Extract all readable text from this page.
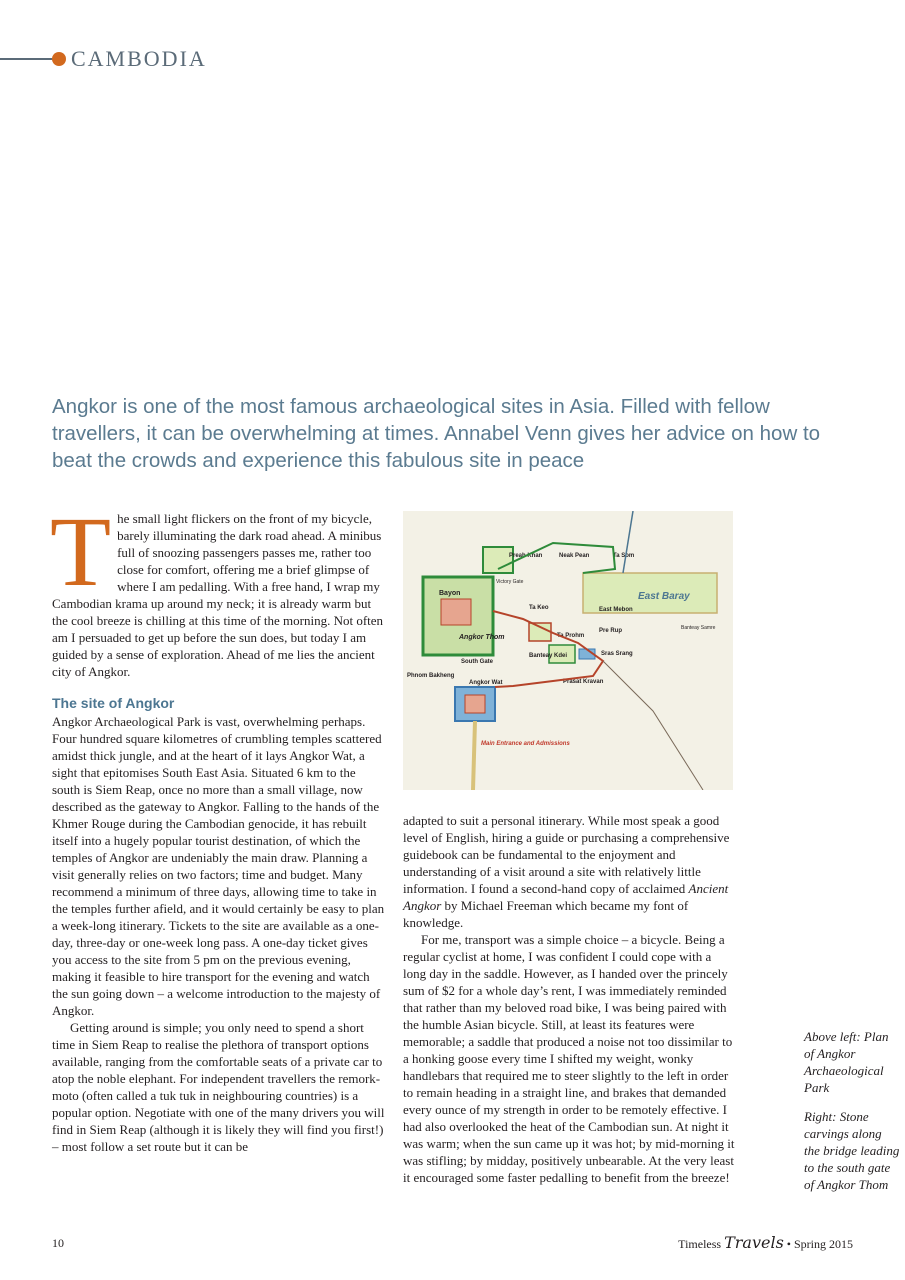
CAMBODIA
Angkor is one of the most famous archaeological sites in Asia. Filled with fellow travellers, it can be overwhelming at times. Annabel Venn gives her advice on how to beat the crowds and experience this fabulous site in peace

The small light flickers on the front of my bicycle, barely illuminating the dark road ahead. A minibus full of snoozing passengers passes me, rather too close for comfort, offering me a brief glimpse of where I am pedalling. With a free hand, I wrap my Cambodian krama up around my neck; it is already warm but the cool breeze is chilling at this time of the morning. Not often am I persuaded to get up before the sun does, but today I am guided by a sense of exploration. Ahead of me lies the ancient city of Angkor.

The site of Angkor

Angkor Archaeological Park is vast, overwhelming perhaps. Four hundred square kilometres of crumbling temples scattered amidst thick jungle, and at the heart of it lays Angkor Wat, a sight that epitomises South East Asia. Situated 6 km to the south is Siem Reap, once no more than a small village, now described as the gateway to Angkor. Falling to the hands of the Khmer Rouge during the Cambodian genocide, it has rebuilt itself into a hugely popular tourist destination, of which the temples of Angkor are undeniably the main draw. Planning a visit generally relies on two factors; time and budget. Many recommend a minimum of three days, allowing time to take in the temples further afield, and it would certainly be easy to plan a week-long itinerary. Tickets to the site are available as a one-day, three-day or one-week long pass. A one-day ticket gives you access to the site from 5 pm on the previous evening, making it feasible to hire transport for the evening and watch the sun going down – a welcome introduction to the majesty of Angkor.

Getting around is simple; you only need to spend a short time in Siem Reap to realise the plethora of transport options available, ranging from the comfortable seats of a private car to atop the noble elephant. For independent travellers the remork-moto (often called a tuk tuk in neighbouring countries) is a popular option. Negotiate with one of the many drivers you will find in Siem Reap (although it is likely they will find you first!) – most follow a set route but it can be

East Baray
Bayon
Angkor Thom
South Gate
Preah Khan	Neak Pean	Ta Som
East Mebon
Pre Rup
Ta Keo
Victory Gate
Ta Prohm
Banteay Kdei	Sras Srang
Angkor Wat
Phnom Bakheng
Prasat Kravan
Banteay Samre
Main Entrance and Admissions

adapted to suit a personal itinerary. While most speak a good level of English, hiring a guide or purchasing a comprehensive guidebook can be fundamental to the enjoyment and understanding of a visit around a site with relatively little information. I found a second-hand copy of acclaimed Ancient Angkor by Michael Freeman which became my font of knowledge.

For me, transport was a simple choice – a bicycle. Being a regular cyclist at home, I was confident I could cope with a long day in the saddle. However, as I handed over the princely sum of $2 for a whole day’s rent, I was immediately reminded that rather than my beloved road bike, I was being paired with the humble Asian bicycle. Still, at least its features were memorable; a saddle that produced a noise not too dissimilar to a honking goose every time I shifted my weight, wonky handlebars that required me to steer slightly to the left in order to remain heading in a straight line, and brakes that demanded every ounce of my strength in order to be remotely effective. I had also overlooked the heat of the Cambodian sun. At night it was warm; when the sun came up it was hot; by mid-morning it was stifling; by midday, positively unbearable. At the very least it encouraged some faster pedalling to benefit from the breeze!

Above left: Plan of Angkor Archaeological Park
Right: Stone carvings along the bridge leading to the south gate of Angkor Thom
10	Timeless Travels • Spring 2015
